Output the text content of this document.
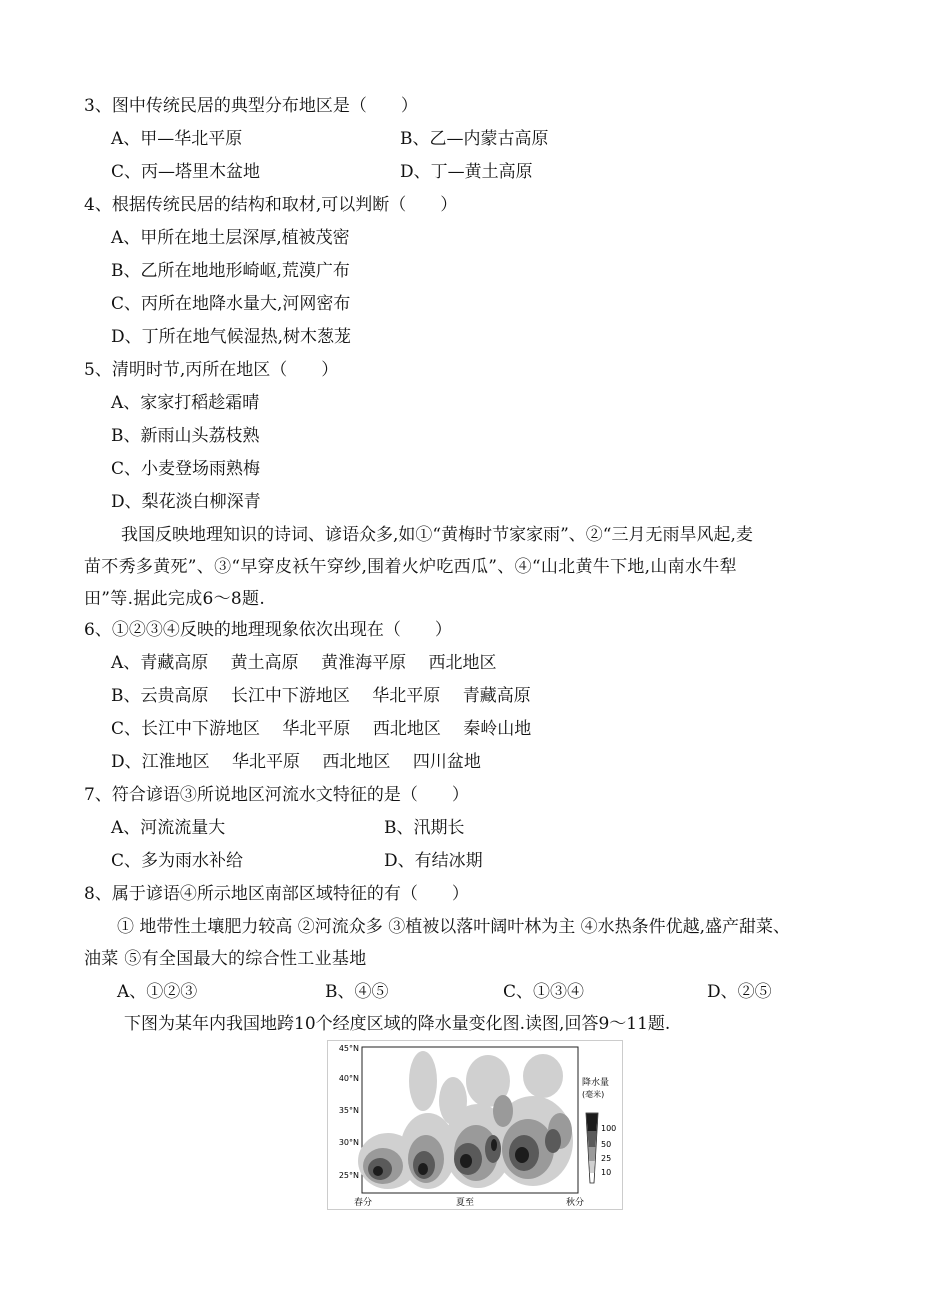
3、图中传统民居的典型分布地区是（　　）
A、甲—华北平原	B、乙—内蒙古高原
C、丙—塔里木盆地	D、丁—黄土高原
4、根据传统民居的结构和取材,可以判断（　　）
A、甲所在地土层深厚,植被茂密
B、乙所在地地形崎岖,荒漠广布
C、丙所在地降水量大,河网密布
D、丁所在地气候湿热,树木葱茏
5、清明时节,丙所在地区（　　）
A、家家打稻趁霜晴
B、新雨山头荔枝熟
C、小麦登场雨熟梅
D、梨花淡白柳深青
我国反映地理知识的诗词、谚语众多,如①“黄梅时节家家雨”、②“三月无雨旱风起,麦
苗不秀多黄死”、③“早穿皮袄午穿纱,围着火炉吃西瓜”、④“山北黄牛下地,山南水牛犁
田”等.据此完成6～8题.
6、①②③④反映的地理现象依次出现在（　　）
A、青藏高原　 黄土高原　 黄淮海平原　 西北地区
B、云贵高原　 长江中下游地区　 华北平原　 青藏高原
C、长江中下游地区　 华北平原　 西北地区　 秦岭山地
D、江淮地区　 华北平原　 西北地区　 四川盆地
7、符合谚语③所说地区河流水文特征的是（　　）
A、河流流量大	B、汛期长
C、多为雨水补给	D、有结冰期
8、属于谚语④所示地区南部区域特征的有（　　）
① 地带性土壤肥力较高 ②河流众多 ③植被以落叶阔叶林为主 ④水热条件优越,盛产甜菜、
油菜 ⑤有全国最大的综合性工业基地
A、①②③	B、④⑤	C、①③④	D、②⑤
下图为某年内我国地跨10个经度区域的降水量变化图.读图,回答9～11题.
45°N
40°N
35°N
30°N
25°N
春分	夏至	秋分
降水量
(毫米)
100
50
25
10
